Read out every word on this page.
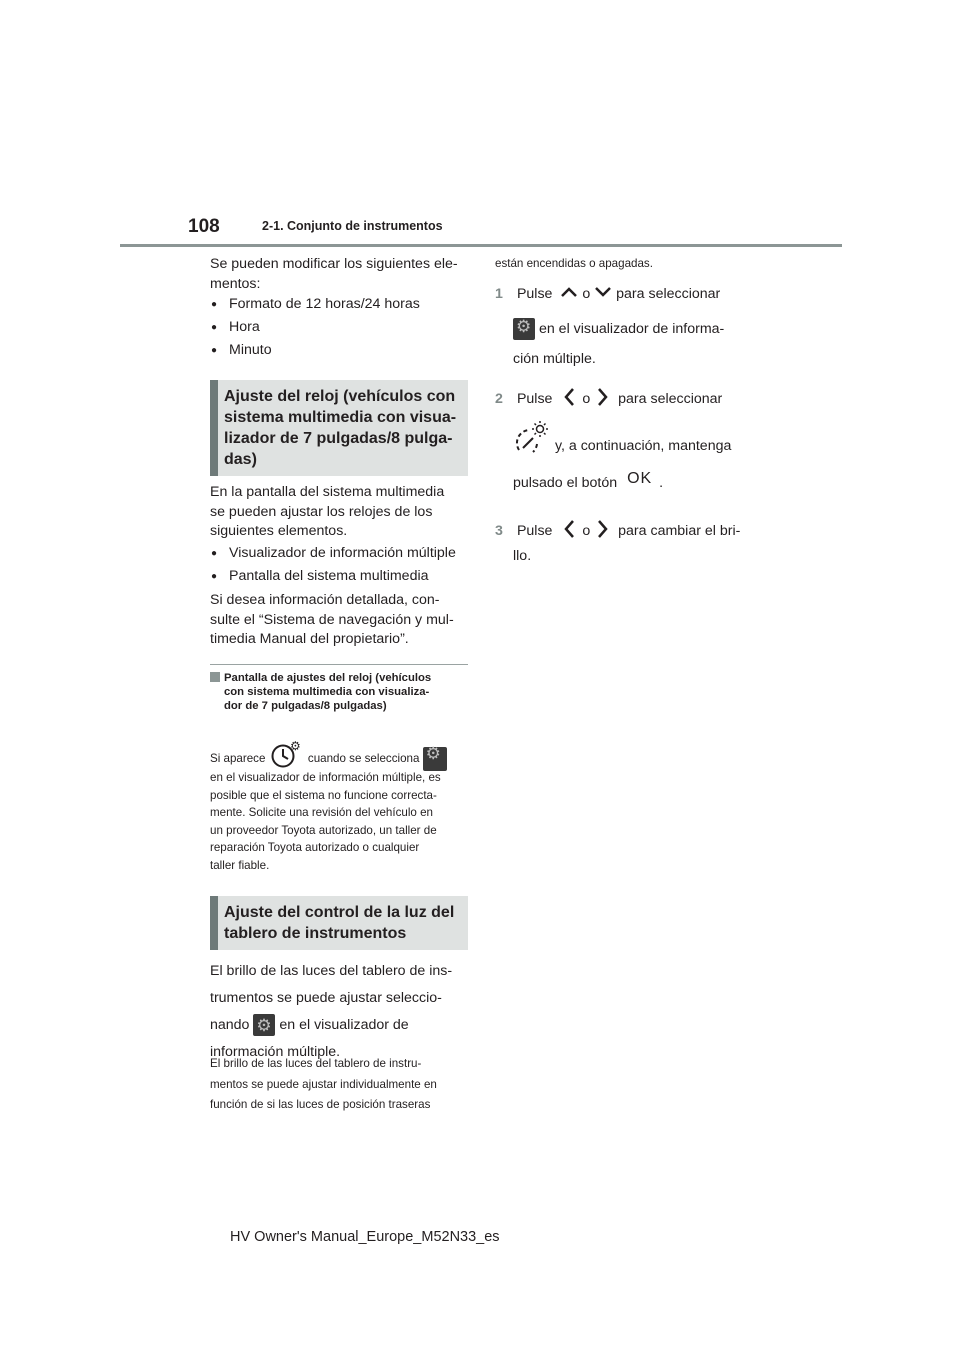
108	2-1. Conjunto de instrumentos
Se pueden modificar los siguientes ele-
mentos:
● Formato de 12 horas/24 horas
● Hora
● Minuto
Ajuste del reloj (vehículos con
sistema multimedia con visua-
lizador de 7 pulgadas/8 pulga-
das)
En la pantalla del sistema multimedia
se pueden ajustar los relojes de los
siguientes elementos.
● Visualizador de información múltiple
● Pantalla del sistema multimedia
Si desea información detallada, con-
sulte el “Sistema de navegación y mul-
timedia Manual del propietario”.
Pantalla de ajustes del reloj (vehículos
con sistema multimedia con visualiza-
dor de 7 pulgadas/8 pulgadas)
Si aparece
⚙
cuando se selecciona ⚙
en el visualizador de información múltiple, es
posible que el sistema no funcione correcta-
mente. Solicite una revisión del vehículo en
un proveedor Toyota autorizado, un taller de
reparación Toyota autorizado o cualquier
taller fiable.
Ajuste del control de la luz del
tablero de instrumentos
El brillo de las luces del tablero de ins-
trumentos se puede ajustar seleccio-
nando ⚙ en el visualizador de
información múltiple.
El brillo de las luces del tablero de instru-
mentos se puede ajustar individualmente en
función de si las luces de posición traseras
están encendidas o apagadas.
1 Pulse o para seleccionar
⚙ en el visualizador de informa-
ción múltiple.
2 Pulse o para seleccionar
y, a continuación, mantenga
pulsado el botón OK .
3 Pulse o para cambiar el bri-
llo.
HV Owner's Manual_Europe_M52N33_es
